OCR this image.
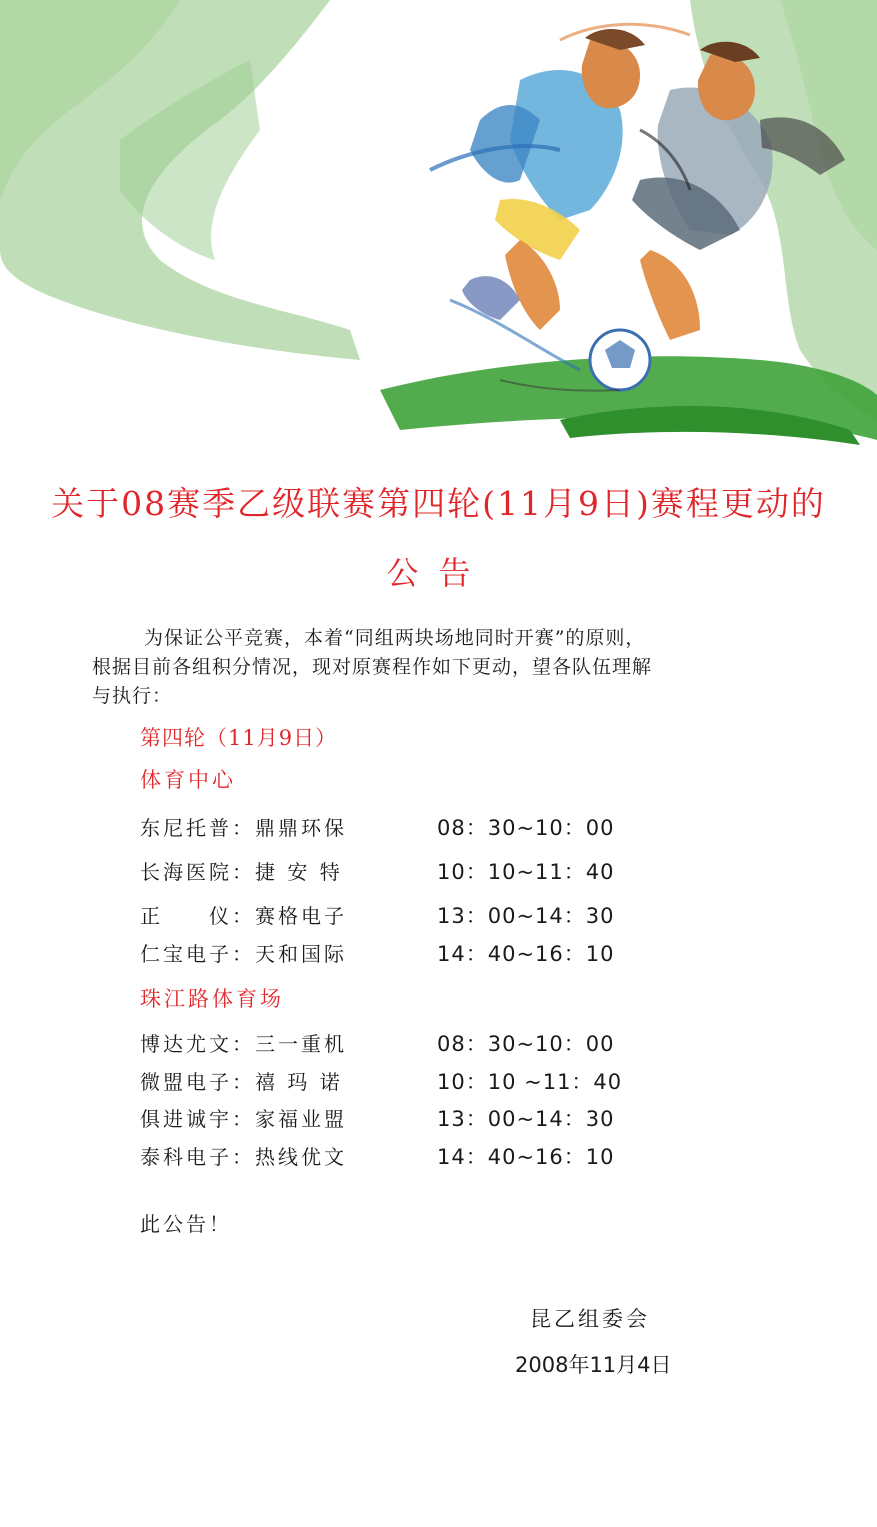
关于08赛季乙级联赛第四轮(11月9日)赛程更动的
公告
为保证公平竞赛，本着“同组两块场地同时开赛”的原则，
根据目前各组积分情况，现对原赛程作如下更动，望各队伍理解
与执行：
第四轮（11月9日）
体育中心
东尼托普：鼎鼎环保	08：30~10：00
长海医院：捷 安 特	10：10~11：40
正　　仪：赛格电子	13：00~14：30
仁宝电子：天和国际	14：40~16：10
珠江路体育场
博达尤文：三一重机	08：30~10：00
微盟电子：禧 玛 诺	10：10 ~11：40
俱进诚宇：家福业盟	13：00~14：30
泰科电子：热线优文	14：40~16：10
此公告！
昆乙组委会
2008年11月4日
